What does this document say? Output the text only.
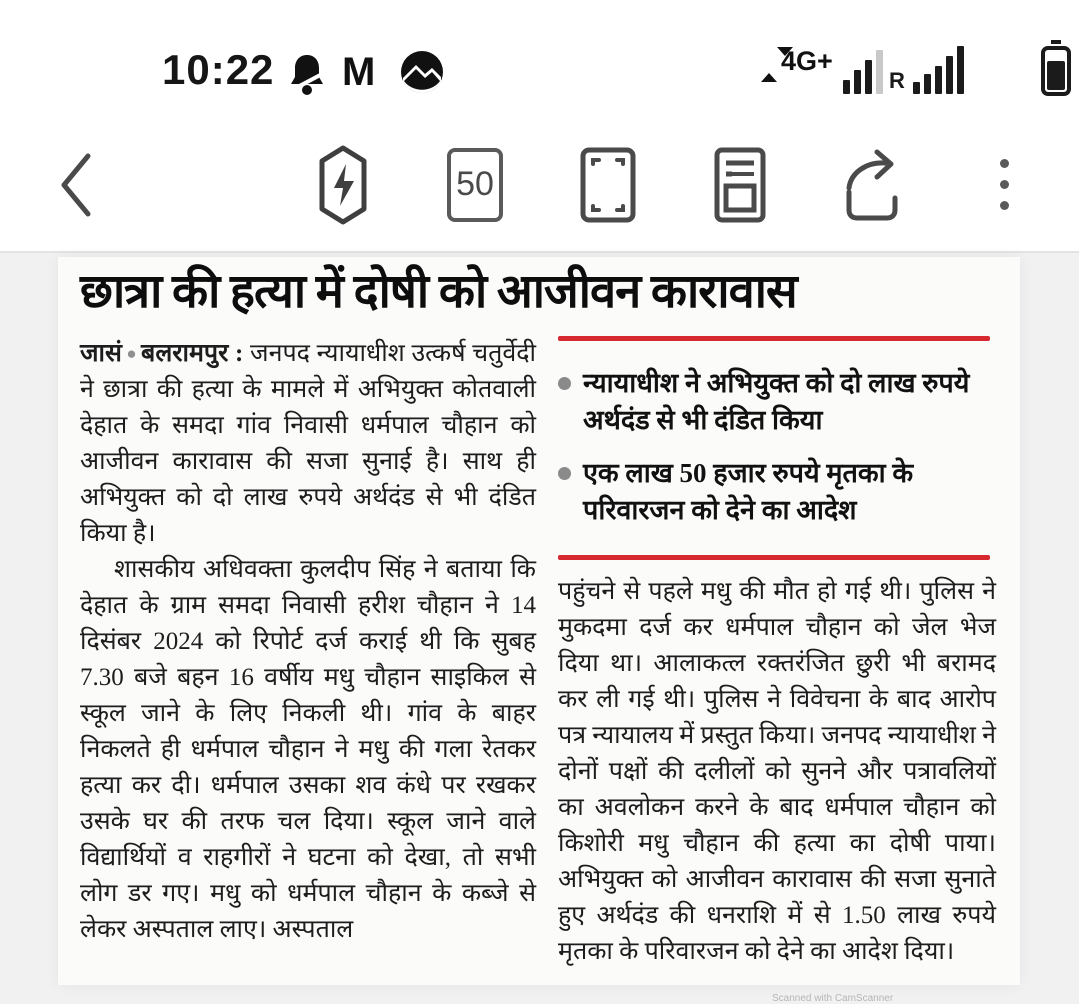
10:22 M	4G+
R
50
छात्रा की हत्या में दोषी को आजीवन कारावास

जासं ● बलरामपुर : जनपद न्यायाधीश उत्कर्ष चतुर्वेदी ने छात्रा की हत्या के मामले में अभियुक्त कोतवाली देहात के समदा गांव निवासी धर्मपाल चौहान को आजीवन कारावास की सजा सुनाई है। साथ ही अभियुक्त को दो लाख रुपये अर्थदंड से भी दंडित किया है।

शासकीय अधिवक्ता कुलदीप सिंह ने बताया कि देहात के ग्राम समदा निवासी हरीश चौहान ने 14 दिसंबर 2024 को रिपोर्ट दर्ज कराई थी कि सुबह 7.30 बजे बहन 16 वर्षीय मधु चौहान साइकिल से स्कूल जाने के लिए निकली थी। गांव के बाहर निकलते ही धर्मपाल चौहान ने मधु की गला रेतकर हत्या कर दी। धर्मपाल उसका शव कंधे पर रखकर उसके घर की तरफ चल दिया। स्कूल जाने वाले विद्यार्थियों व राहगीरों ने घटना को देखा, तो सभी लोग डर गए। मधु को धर्मपाल चौहान के कब्जे से लेकर अस्पताल लाए। अस्पताल

न्यायाधीश ने अभियुक्त को दो लाख रुपये अर्थदंड से भी दंडित किया
एक लाख 50 हजार रुपये मृतका के परिवारजन को देने का आदेश

पहुंचने से पहले मधु की मौत हो गई थी। पुलिस ने मुकदमा दर्ज कर धर्मपाल चौहान को जेल भेज दिया था। आलाकत्ल रक्तरंजित छुरी भी बरामद कर ली गई थी। पुलिस ने विवेचना के बाद आरोप पत्र न्यायालय में प्रस्तुत किया। जनपद न्यायाधीश ने दोनों पक्षों की दलीलों को सुनने और पत्रावलियों का अवलोकन करने के बाद धर्मपाल चौहान को किशोरी मधु चौहान की हत्या का दोषी पाया। अभियुक्त को आजीवन कारावास की सजा सुनाते हुए अर्थदंड की धनराशि में से 1.50 लाख रुपये मृतका के परिवारजन को देने का आदेश दिया।

Scanned with CamScanner
